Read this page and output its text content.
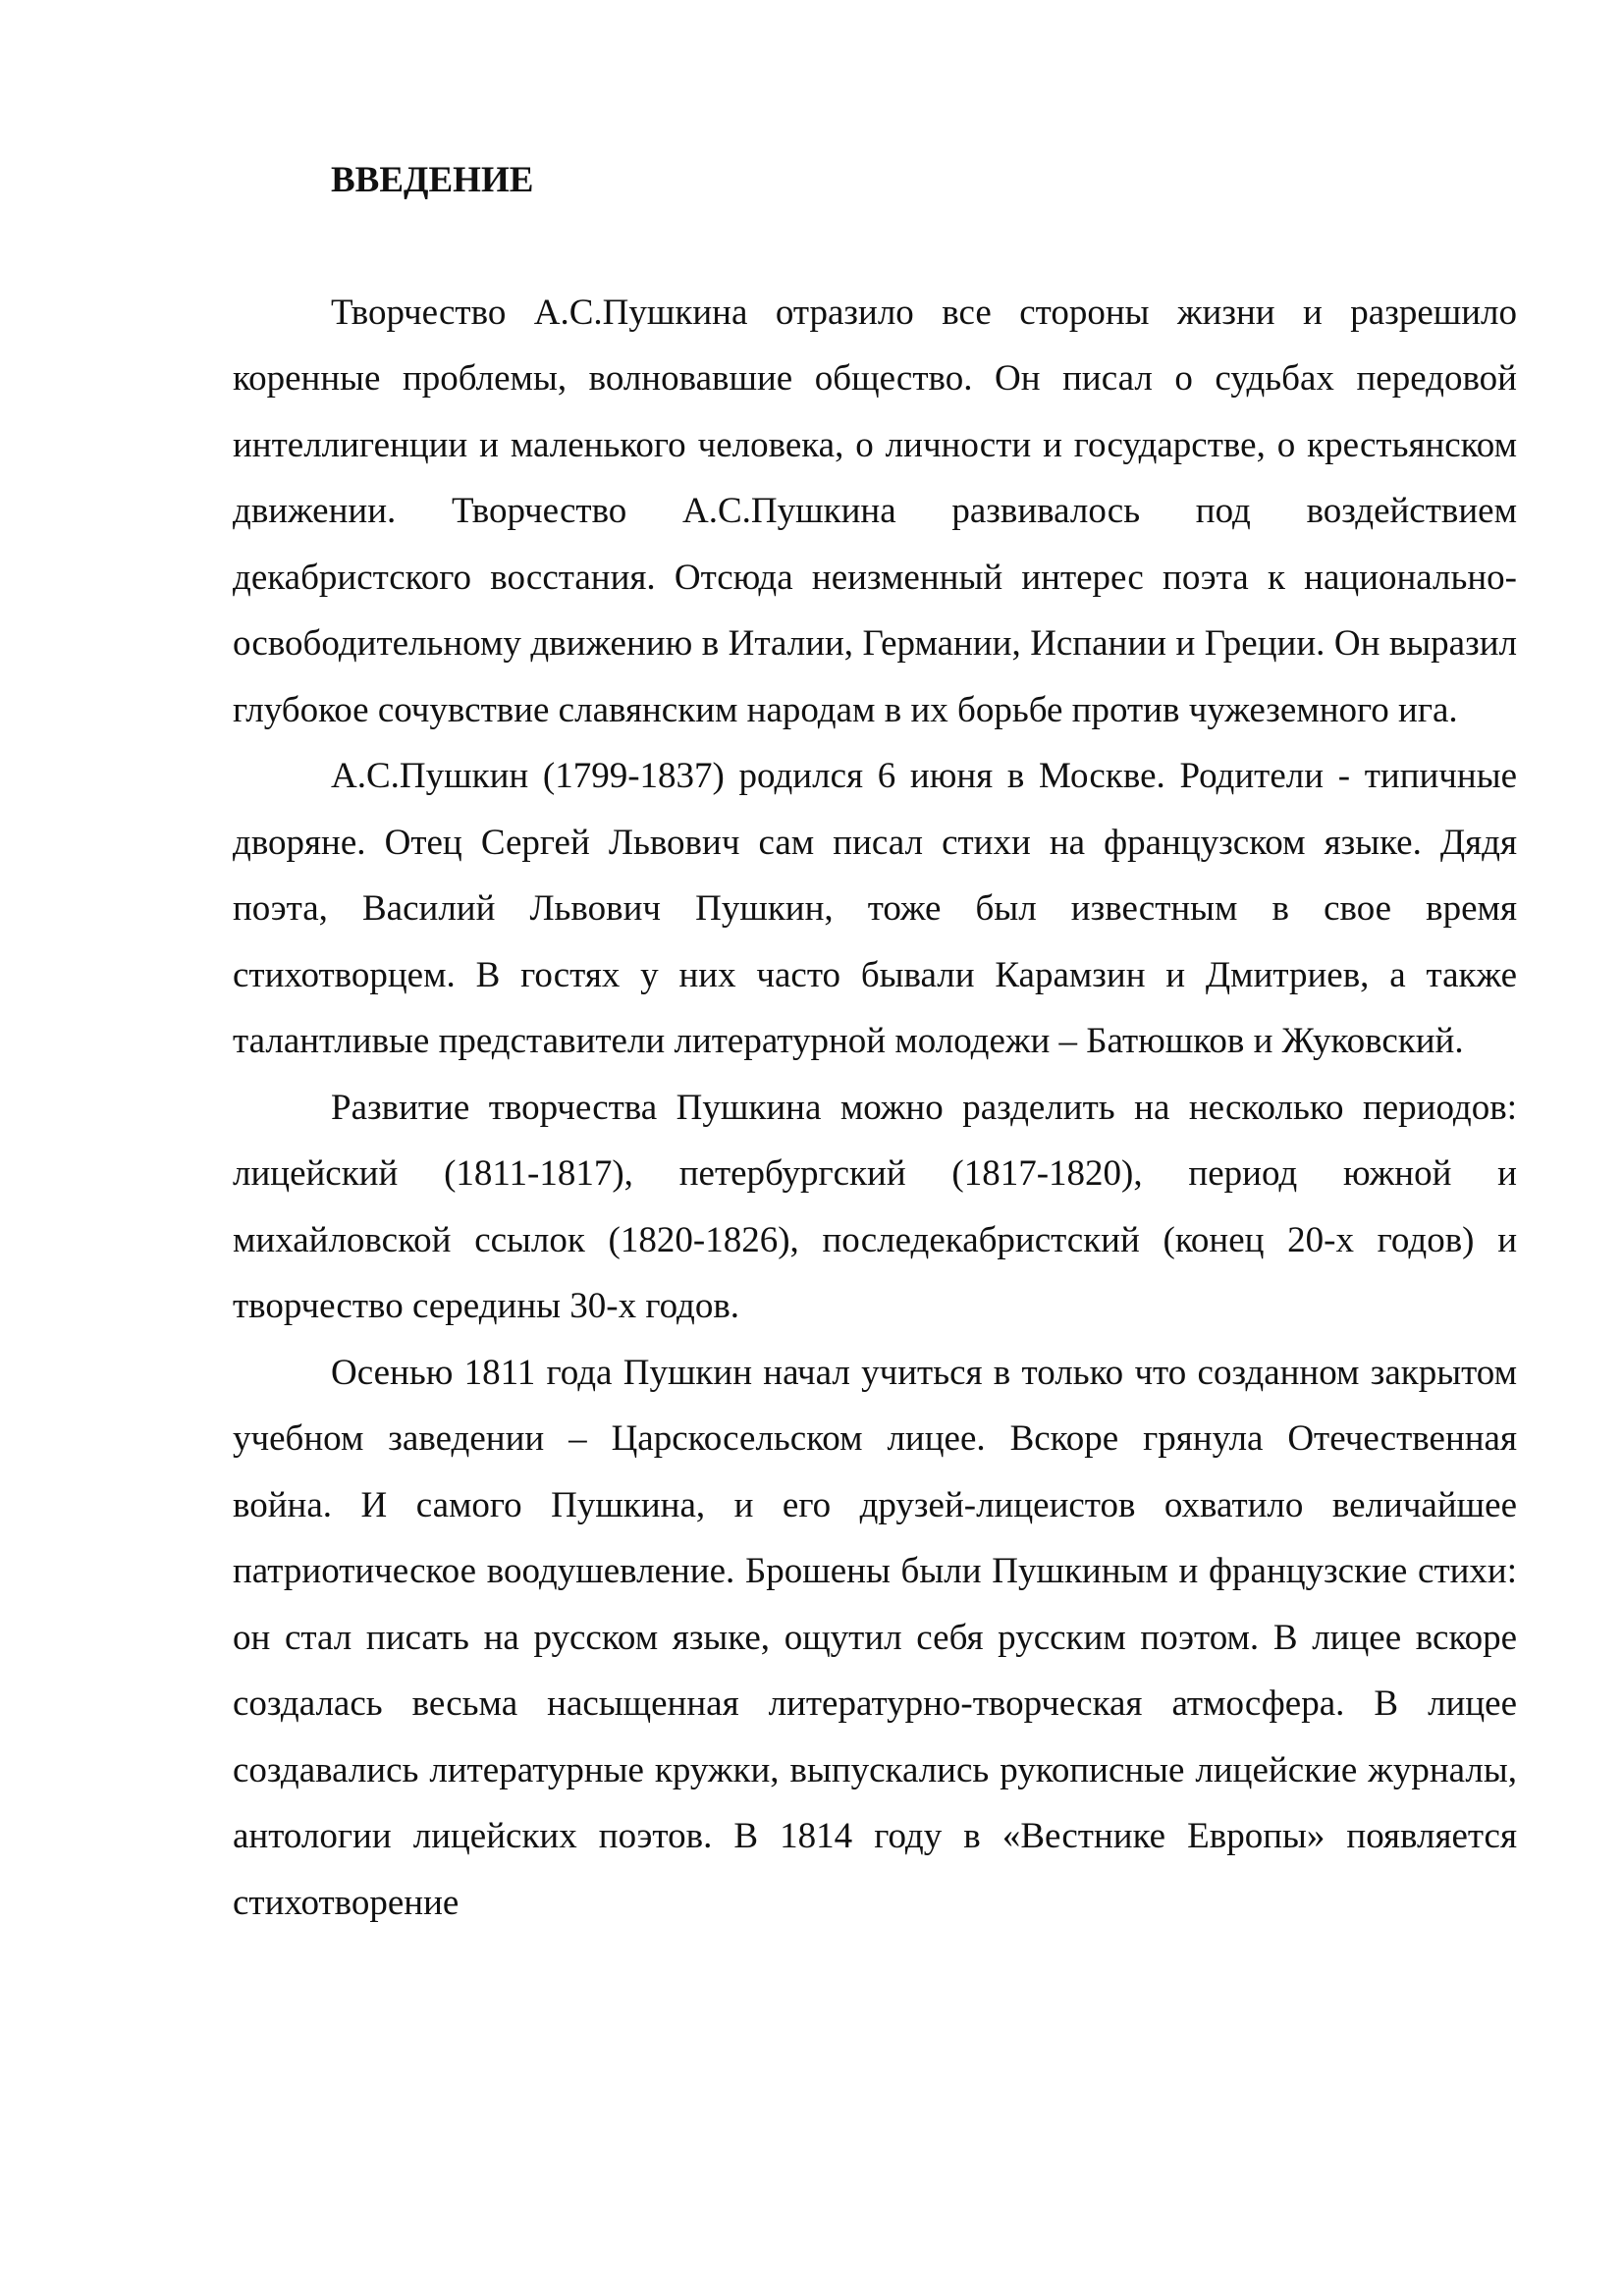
ВВЕДЕНИЕ

Творчество А.С.Пушкина отразило все стороны жизни и разрешило коренные проблемы, волновавшие общество. Он писал о судьбах передовой интеллигенции и маленького человека, о личности и государстве, о крестьянском движении. Творчество А.С.Пушкина развивалось под воздействием декабристского восстания. Отсюда неизменный интерес поэта к национально-освободительному движению в Италии, Германии, Испании и Греции. Он выразил глубокое сочувствие славянским народам в их борьбе против чужеземного ига.

А.С.Пушкин (1799-1837) родился 6 июня в Москве. Родители - типичные дворяне. Отец Сергей Львович сам писал стихи на французском языке. Дядя поэта, Василий Львович Пушкин, тоже был известным в свое время стихотворцем. В гостях у них часто бывали Карамзин и Дмитриев, а также талантливые представители литературной молодежи – Батюшков и Жуковский.

Развитие творчества Пушкина можно разделить на несколько периодов: лицейский (1811-1817), петербургский (1817-1820), период южной и михайловской ссылок (1820-1826), последекабристский (конец 20-х годов) и творчество середины 30-х годов.

Осенью 1811 года Пушкин начал учиться в только что созданном закрытом учебном заведении – Царскосельском лицее. Вскоре грянула Отечественная война. И самого Пушкина, и его друзей-лицеистов охватило величайшее патриотическое воодушевление. Брошены были Пушкиным и французские стихи: он стал писать на русском языке, ощутил себя русским поэтом. В лицее вскоре создалась весьма насыщенная литературно-творческая атмосфера. В лицее создавались литературные кружки, выпускались рукописные лицейские журналы, антологии лицейских поэтов. В 1814 году в «Вестнике Европы» появляется стихотворение
